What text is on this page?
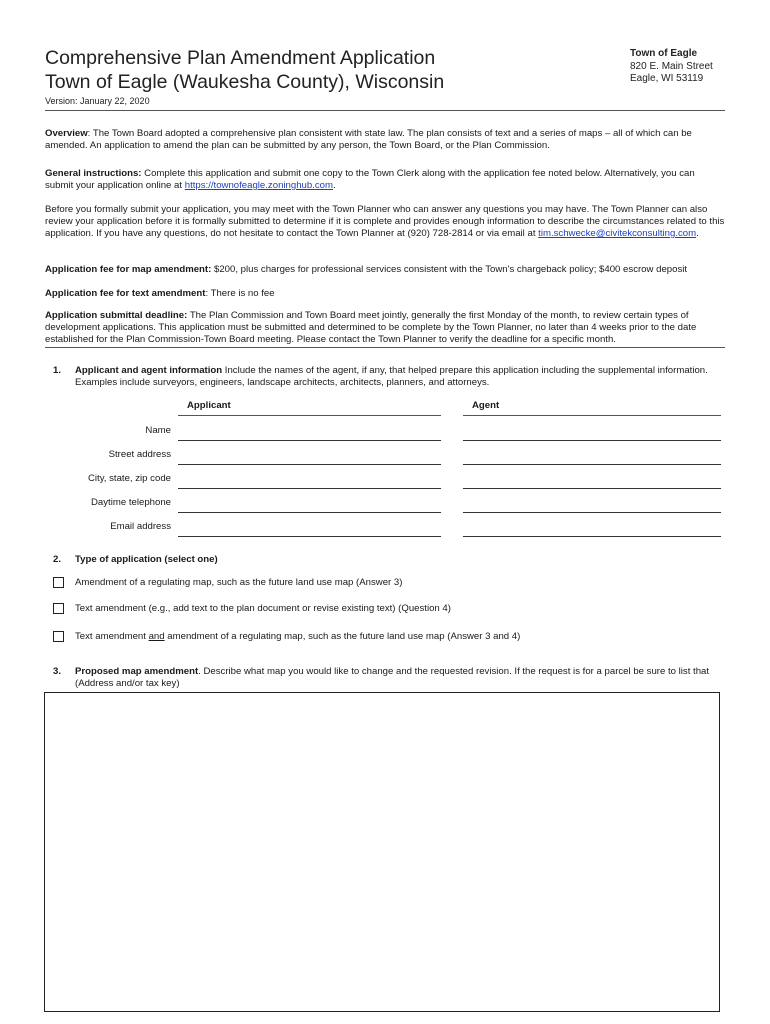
Comprehensive Plan Amendment Application
Town of Eagle (Waukesha County), Wisconsin
Town of Eagle
820 E. Main Street
Eagle, WI 53119
Version: January 22, 2020
Overview: The Town Board adopted a comprehensive plan consistent with state law. The plan consists of text and a series of maps – all of which can be amended. An application to amend the plan can be submitted by any person, the Town Board, or the Plan Commission.
General instructions: Complete this application and submit one copy to the Town Clerk along with the application fee noted below. Alternatively, you can submit your application online at https://townofeagle.zoninghub.com.
Before you formally submit your application, you may meet with the Town Planner who can answer any questions you may have. The Town Planner can also review your application before it is formally submitted to determine if it is complete and provides enough information to describe the circumstances related to this application. If you have any questions, do not hesitate to contact the Town Planner at (920) 728-2814 or via email at tim.schwecke@civitekconsulting.com.
Application fee for map amendment: $200, plus charges for professional services consistent with the Town's chargeback policy; $400 escrow deposit
Application fee for text amendment: There is no fee
Application submittal deadline: The Plan Commission and Town Board meet jointly, generally the first Monday of the month, to review certain types of development applications. This application must be submitted and determined to be complete by the Town Planner, no later than 4 weeks prior to the date established for the Plan Commission-Town Board meeting. Please contact the Town Planner to verify the deadline for a specific month.
1. Applicant and agent information Include the names of the agent, if any, that helped prepare this application including the supplemental information. Examples include surveyors, engineers, landscape architects, architects, planners, and attorneys.
Applicant	Agent
Name
Street address
City, state, zip code
Daytime telephone
Email address
2. Type of application (select one)
Amendment of a regulating map, such as the future land use map (Answer 3)
Text amendment (e.g., add text to the plan document or revise existing text) (Question 4)
Text amendment and amendment of a regulating map, such as the future land use map (Answer 3 and 4)
3. Proposed map amendment. Describe what map you would like to change and the requested revision. If the request is for a parcel be sure to list that (Address and/or tax key)
